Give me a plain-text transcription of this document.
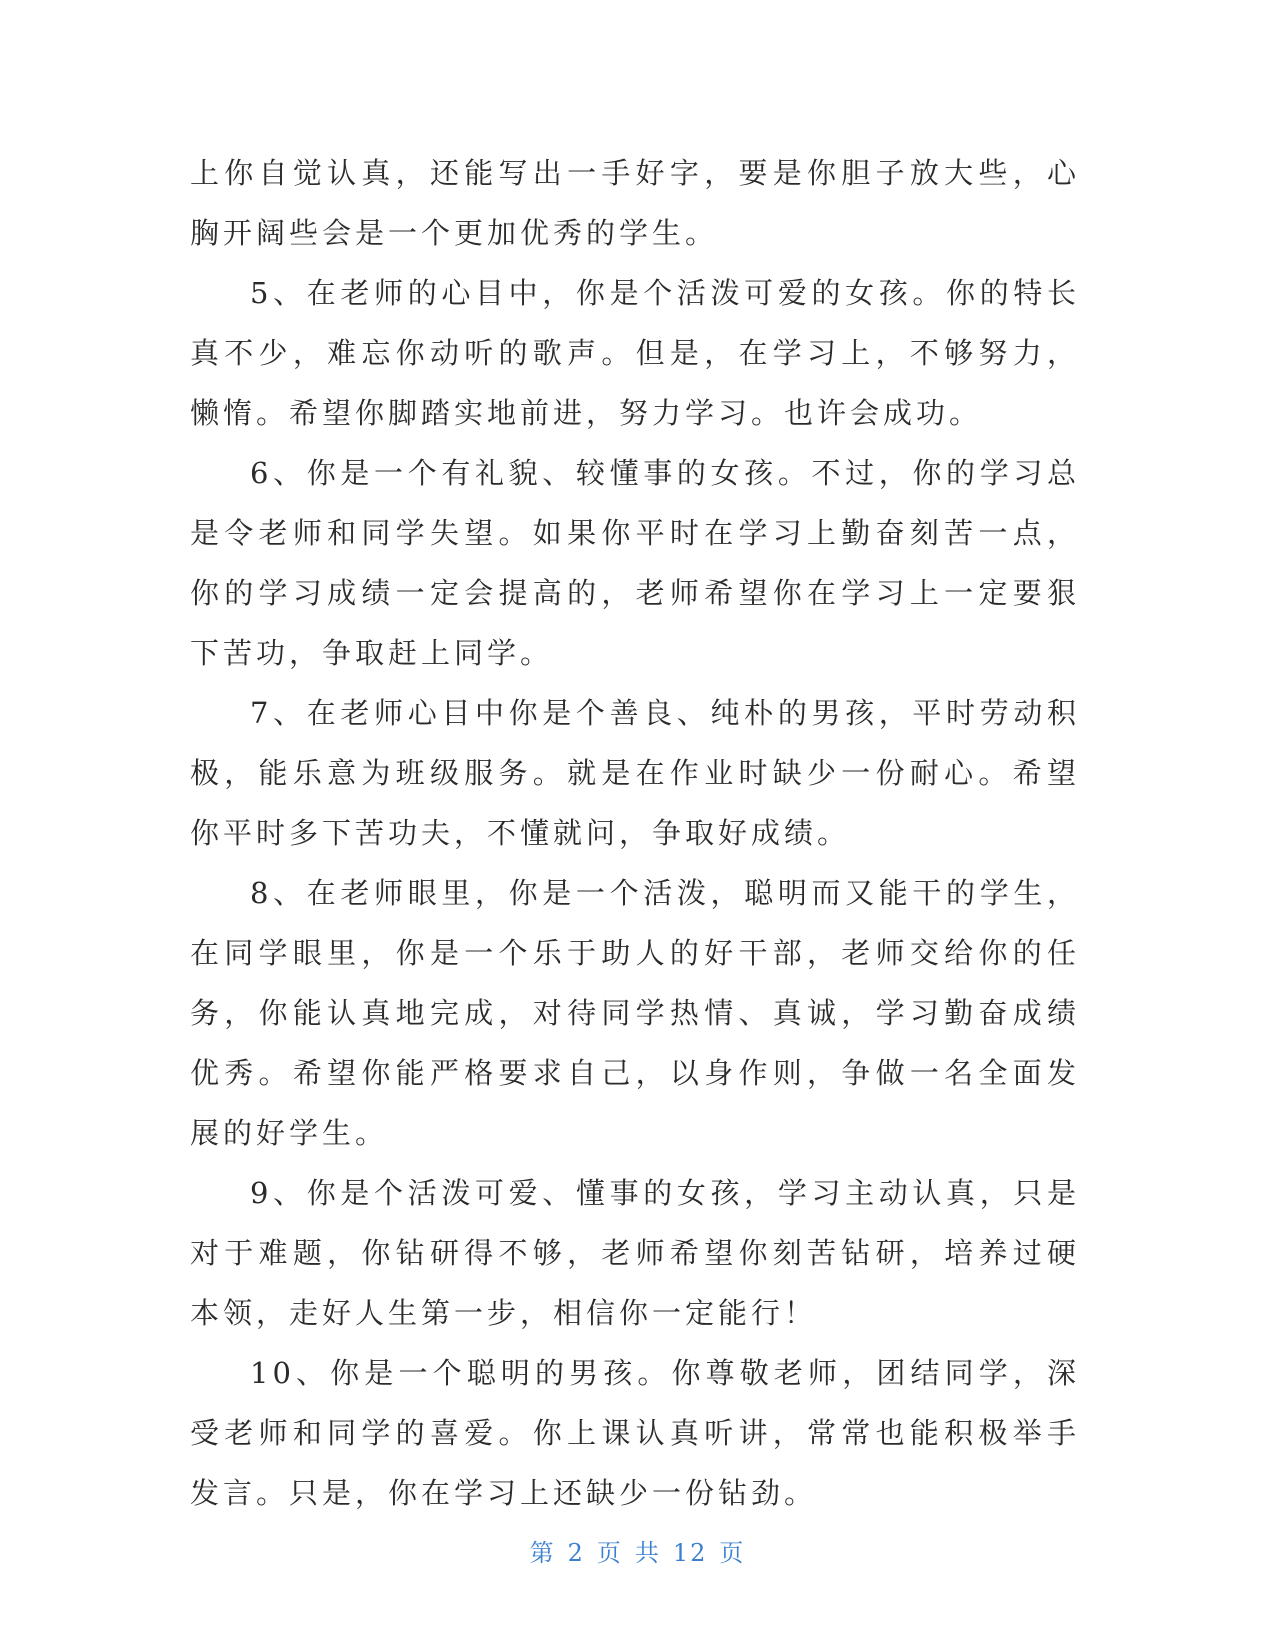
上你自觉认真，还能写出一手好字，要是你胆子放大些，心胸开阔些会是一个更加优秀的学生。

5、在老师的心目中，你是个活泼可爱的女孩。你的特长真不少，难忘你动听的歌声。但是，在学习上，不够努力，懒惰。希望你脚踏实地前进，努力学习。也许会成功。

6、你是一个有礼貌、较懂事的女孩。不过，你的学习总是令老师和同学失望。如果你平时在学习上勤奋刻苦一点，你的学习成绩一定会提高的，老师希望你在学习上一定要狠下苦功，争取赶上同学。

7、在老师心目中你是个善良、纯朴的男孩，平时劳动积极，能乐意为班级服务。就是在作业时缺少一份耐心。希望你平时多下苦功夫，不懂就问，争取好成绩。

8、在老师眼里，你是一个活泼，聪明而又能干的学生，在同学眼里，你是一个乐于助人的好干部，老师交给你的任务，你能认真地完成，对待同学热情、真诚，学习勤奋成绩优秀。希望你能严格要求自己，以身作则，争做一名全面发展的好学生。

9、你是个活泼可爱、懂事的女孩，学习主动认真，只是对于难题，你钻研得不够，老师希望你刻苦钻研，培养过硬本领，走好人生第一步，相信你一定能行！

10、你是一个聪明的男孩。你尊敬老师，团结同学，深受老师和同学的喜爱。你上课认真听讲，常常也能积极举手发言。只是，你在学习上还缺少一份钻劲。

第 2 页 共 12 页
